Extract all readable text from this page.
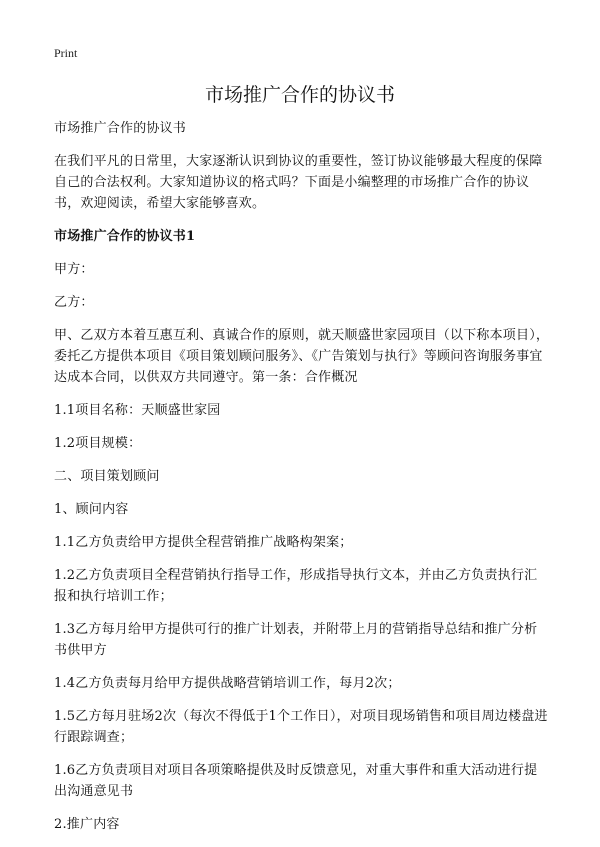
Print
市场推广合作的协议书

市场推广合作的协议书

在我们平凡的日常里，大家逐渐认识到协议的重要性，签订协议能够最大程度的保障自己的合法权利。大家知道协议的格式吗？下面是小编整理的市场推广合作的协议书，欢迎阅读，希望大家能够喜欢。

市场推广合作的协议书1

甲方：

乙方：

甲、乙双方本着互惠互利、真诚合作的原则，就天顺盛世家园项目（以下称本项目），委托乙方提供本项目《项目策划顾问服务》、《广告策划与执行》等顾问咨询服务事宜达成本合同，以供双方共同遵守。第一条：合作概况

1.1项目名称：天顺盛世家园

1.2项目规模：

二、项目策划顾问

1、顾问内容

1.1乙方负责给甲方提供全程营销推广战略构架案；

1.2乙方负责项目全程营销执行指导工作，形成指导执行文本，并由乙方负责执行汇报和执行培训工作；

1.3乙方每月给甲方提供可行的推广计划表，并附带上月的营销指导总结和推广分析书供甲方

1.4乙方负责每月给甲方提供战略营销培训工作，每月2次；

1.5乙方每月驻场2次（每次不得低于1个工作日），对项目现场销售和项目周边楼盘进行跟踪调查；

1.6乙方负责项目对项目各项策略提供及时反馈意见，对重大事件和重大活动进行提出沟通意见书

2.推广内容
